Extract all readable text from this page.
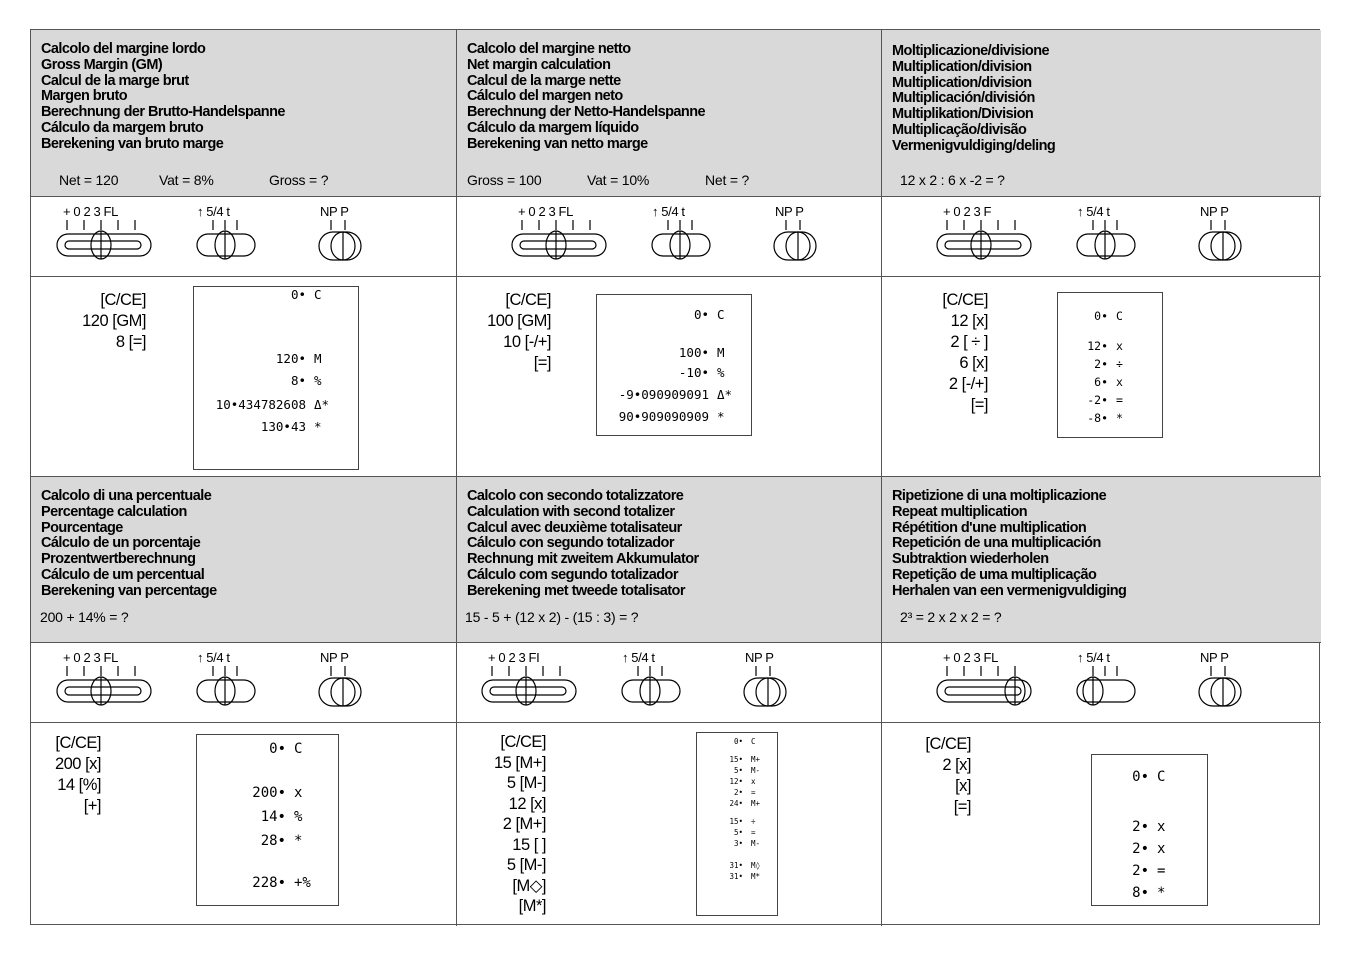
Calcolo del margine lordo
Gross Margin (GM)
Calcul de la marge brut
Margen bruto
Berechnung der Brutto-Handelspanne
Cálculo da margem bruto
Berekening van bruto marge
Net = 120	Vat = 8%	Gross = ?
+ 0 2 3 FL	↑ 5/4 t	NP P
[C/CE]
120 [GM]
8 [=]
0• C
120• M
8• %
10•434782608 Δ*
130•43 *
Calcolo del margine netto
Net margin calculation
Calcul de la marge nette
Cálculo del margen neto
Berechnung der Netto-Handelspanne
Cálculo da margem líquido
Berekening van netto marge
Gross = 100	Vat = 10%	Net = ?
+ 0 2 3 FL	↑ 5/4 t	NP P
[C/CE]
100 [GM]
10 [-/+]
[=]
0• C
100• M
-10• %
-9•090909091 Δ*
90•909090909 *
Moltiplicazione/divisione
Multiplication/division
Multiplication/division
Multiplicación/división
Multiplikation/Division
Multiplicação/divisão
Vermenigvuldiging/deling
12 x 2 : 6 x -2 = ?
+ 0 2 3 F	↑ 5/4 t	NP P
[C/CE]
12 [x]
2 [ ÷ ]
6 [x]
2 [-/+]
[=]
0• C
12• x
2• ÷
6• x
-2• =
-8• *
Calcolo di una percentuale
Percentage calculation
Pourcentage
Cálculo de un porcentaje
Prozentwertberechnung
Cálculo de um percentual
Berekening van percentage
200 + 14% = ?
+ 0 2 3 FL	↑ 5/4 t	NP P
[C/CE]
200 [x]
14 [%]
[+]
0• C
200• x
14• %
28• *
228• +%
Calcolo con secondo totalizzatore
Calculation with second totalizer
Calcul avec deuxième totalisateur
Cálculo con segundo totalizador
Rechnung mit zweitem Akkumulator
Cálculo com segundo totalizador
Berekening met tweede totalisator
15 - 5 + (12 x 2) - (15 : 3) = ?
+ 0 2 3 FI	↑ 5/4 t	NP P
[C/CE]
15 [M+]
5 [M-]
12 [x]
2 [M+]
15 [ ]
5 [M-]
[M◇]
[M*]
0• C
15• M+
5• M-
12• x
2• =
24• M+
15• ÷
5• =
3• M-
31• M◊
31• M*
Ripetizione di una moltiplicazione
Repeat multiplication
Répétition d'une multiplication
Repetición de una multiplicación
Subtraktion wiederholen
Repetição de uma multiplicação
Herhalen van een vermenigvuldiging
2³ = 2 x 2 x 2 = ?
+ 0 2 3 FL	↑ 5/4 t	NP P
[C/CE]
2 [x]
[x]
[=]
0• C
2• x
2• x
2• =
8• *
